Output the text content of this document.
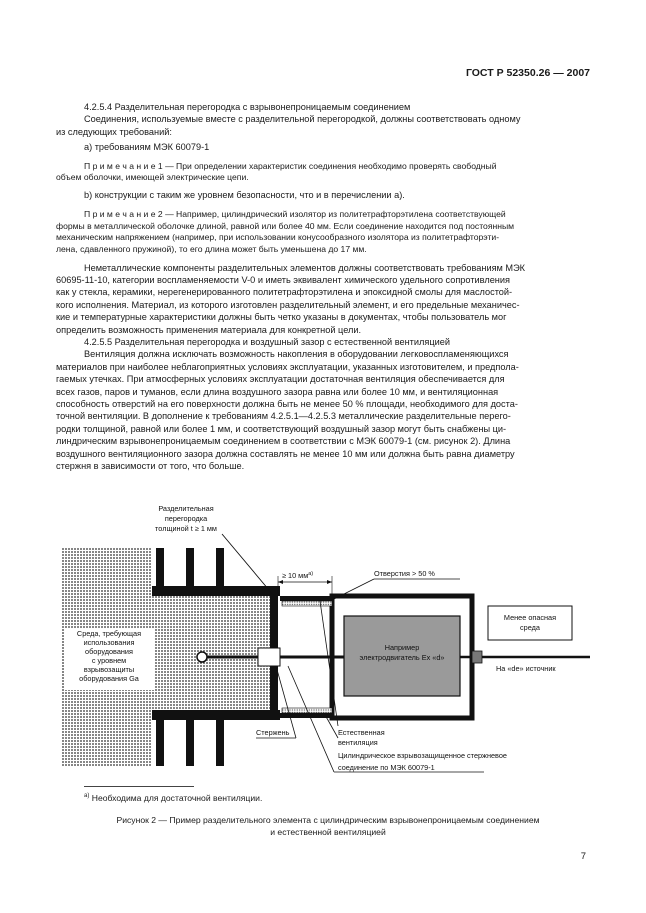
ГОСТ Р 52350.26 — 2007

4.2.5.4 Разделительная перегородка с взрывонепроницаемым соединением

Соединения, используемые вместе с разделительной перегородкой, должны соответствовать одному

из следующих требований:

а) требованиям МЭК 60079-1

П р и м е ч а н и е 1 — При определении характеристик соединения необходимо проверять свободный

объем оболочки, имеющей электрические цепи.

b) конструкции с таким же уровнем безопасности, что и в перечислении а).

П р и м е ч а н и е 2 — Например, цилиндрический изолятор из политетрафторэтилена соответствующей

формы в металлической оболочке длиной, равной или более 40 мм. Если соединение находится под постоянным

механическим напряжением (например, при использовании конусообразного изолятора из политетрафторэти-

лена, сдавленного пружиной), то его длина может быть уменьшена до 17 мм.

Неметаллические компоненты разделительных элементов должны соответствовать требованиям МЭК

60695-11-10, категории воспламеняемости V-0 и иметь эквивалент химического удельного сопротивления

как у стекла, керамики, нерегенерированного политетрафторэтилена и эпоксидной смолы для маслостой-

кого исполнения. Материал, из которого изготовлен разделительный элемент, и его предельные механичес-

кие и температурные характеристики должны быть четко указаны в документах, чтобы пользователь мог

определить возможность применения материала для конкретной цели.

4.2.5.5 Разделительная перегородка и воздушный зазор с естественной вентиляцией

Вентиляция должна исключать возможность накопления в оборудовании легковоспламеняющихся

материалов при наиболее неблагоприятных условиях эксплуатации, указанных изготовителем, и предпола-

гаемых утечках. При атмосферных условиях эксплуатации достаточная вентиляция обеспечивается для

всех газов, паров и туманов, если длина воздушного зазора равна или более 10 мм, и вентиляционная

способность отверстий на его поверхности должна быть не менее 50 % площади, необходимого для доста-

точной вентиляции. В дополнение к требованиям 4.2.5.1—4.2.5.3 металлические разделительные перего-

родки толщиной, равной или более 1 мм, и соответствующий воздушный зазор могут быть снабжены ци-

линдрическим взрывонепроницаемым соединением в соответствии с МЭК 60079-1 (см. рисунок 2). Длина

воздушного вентиляционного зазора должна составлять не менее 10 мм или должна быть равна диаметру

стержня в зависимости от того, что больше.

Среда, требующая
использования
оборудования
с уровнем
взрывозащиты
оборудования Ga
Разделительная
перегородка
толщиной t ≥ 1 мм
≥ 10 $мм^{а)}$	Отверстия > 50 %
Например
электродвигатель Ex «d»
Менее опасная
среда
На «de» источник
Стержень	Естественная
вентиляция
Цилиндрическое взрывозащищенное стержневое
соединение по МЭК 60079-1
$^{а)}$ Необходима для достаточной вентиляции.
Рисунок 2 — Пример разделительного элемента с цилиндрическим взрывонепроницаемым соединением
и естественной вентиляцией
7
